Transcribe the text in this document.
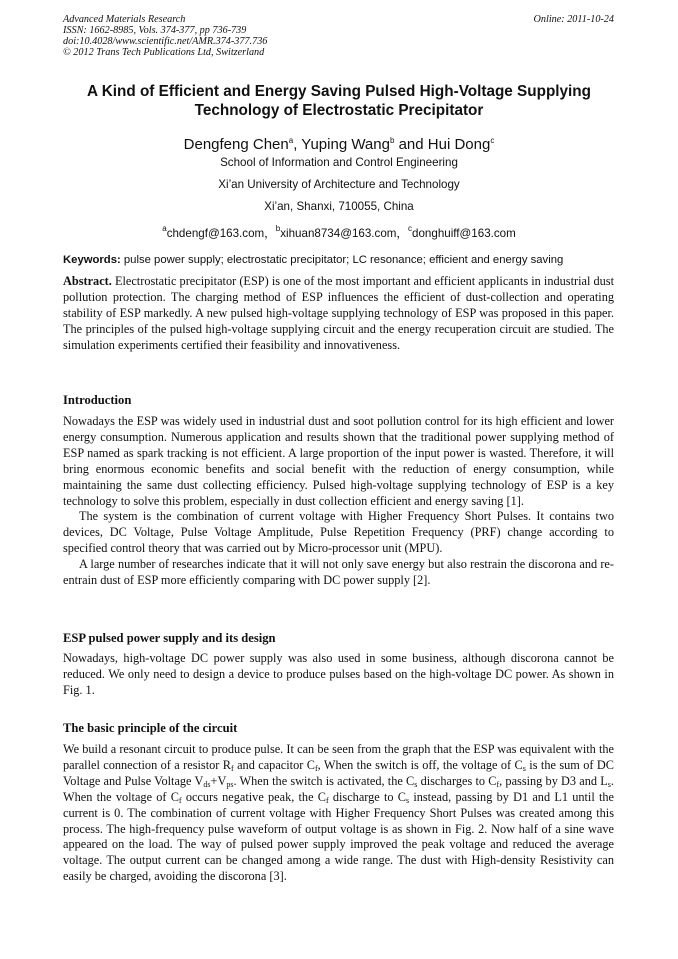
Advanced Materials Research
ISSN: 1662-8985, Vols. 374-377, pp 736-739
doi:10.4028/www.scientific.net/AMR.374-377.736
© 2012 Trans Tech Publications Ltd, Switzerland
Online: 2011-10-24
A Kind of Efficient and Energy Saving Pulsed High-Voltage Supplying
Technology of Electrostatic Precipitator
Dengfeng Chen$^a$, Yuping Wang$^b$ and Hui Dong$^c$
School of Information and Control Engineering
Xi’an University of Architecture and Technology
Xi’an, Shanxi, 710055, China
$^a$chdengf@163.com，$^b$xihuan8734@163.com，$^c$donghuiff@163.com
Keywords: pulse power supply; electrostatic precipitator; LC resonance; efficient and energy saving
Abstract. Electrostatic precipitator (ESP) is one of the most important and efficient applicants in industrial dust pollution protection. The charging method of ESP influences the efficient of dust-collection and operating stability of ESP markedly. A new pulsed high-voltage supplying technology of ESP was proposed in this paper. The principles of the pulsed high-voltage supplying circuit and the energy recuperation circuit are studied. The simulation experiments certified their feasibility and innovativeness.
Introduction
Nowadays the ESP was widely used in industrial dust and soot pollution control for its high efficient and lower energy consumption. Numerous application and results shown that the traditional power supplying method of ESP named as spark tracking is not efficient. A large proportion of the input power is wasted. Therefore, it will bring enormous economic benefits and social benefit with the reduction of energy consumption, while maintaining the same dust collecting efficiency. Pulsed high-voltage supplying technology of ESP is a key technology to solve this problem, especially in dust collection efficient and energy saving [1].
The system is the combination of current voltage with Higher Frequency Short Pulses. It contains two devices, DC Voltage, Pulse Voltage Amplitude, Pulse Repetition Frequency (PRF) change according to specified control theory that was carried out by Micro-processor unit (MPU).
A large number of researches indicate that it will not only save energy but also restrain the discorona and re-entrain dust of ESP more efficiently comparing with DC power supply [2].
ESP pulsed power supply and its design
Nowadays, high-voltage DC power supply was also used in some business, although discorona cannot be reduced. We only need to design a device to produce pulses based on the high-voltage DC power. As shown in Fig. 1.
The basic principle of the circuit
We build a resonant circuit to produce pulse. It can be seen from the graph that the ESP was equivalent with the parallel connection of a resistor $R_f$ and capacitor $C_f$, When the switch is off, the voltage of $C_s$ is the sum of DC Voltage and Pulse Voltage $V_{ds}+V_{ps}$. When the switch is activated, the $C_s$ discharges to $C_f$, passing by D3 and $L_s$. When the voltage of $C_f$ occurs negative peak, the $C_f$ discharge to $C_s$ instead, passing by D1 and L1 until the current is 0. The combination of current voltage with Higher Frequency Short Pulses was created among this process. The high-frequency pulse waveform of output voltage is as shown in Fig. 2. Now half of a sine wave appeared on the load. The way of pulsed power supply improved the peak voltage and reduced the average voltage. The output current can be changed among a wide range. The dust with High-density Resistivity can easily be charged, avoiding the discorona [3].
